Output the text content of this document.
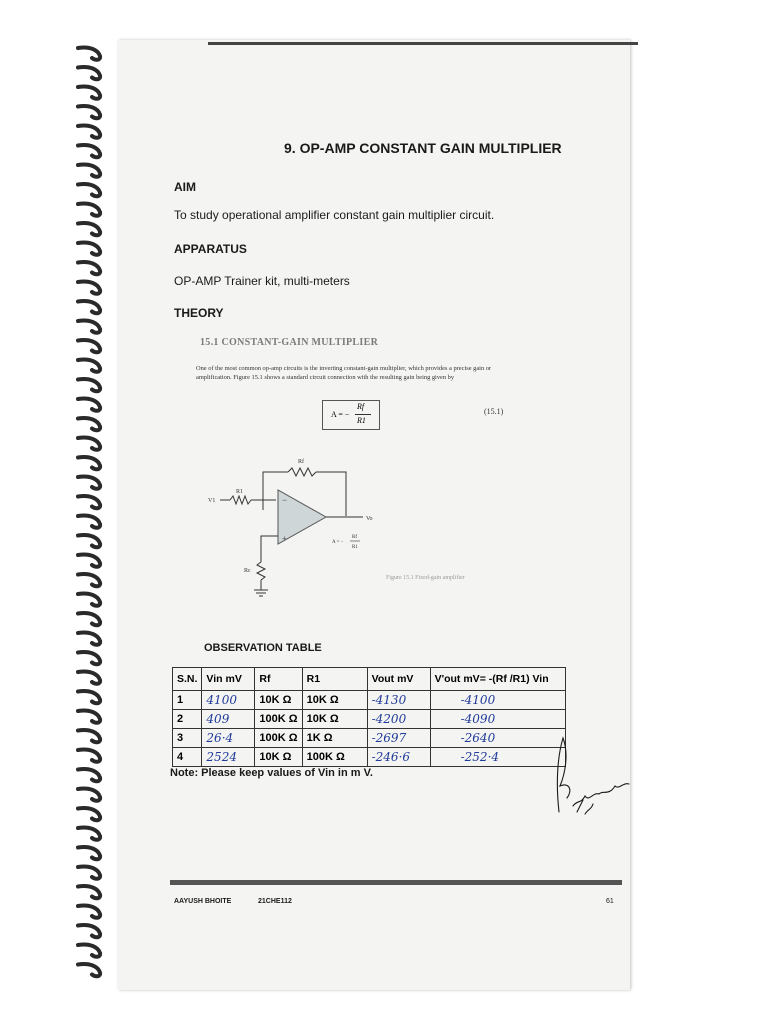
9. OP-AMP CONSTANT GAIN MULTIPLIER
AIM
To study operational amplifier constant gain multiplier circuit.
APPARATUS
OP-AMP Trainer kit, multi-meters
THEORY
15.1 CONSTANT-GAIN MULTIPLIER
One of the most common op-amp circuits is the inverting constant-gain multiplier, which provides a precise gain or amplification. Figure 15.1 shows a standard circuit connection with the resulting gain being given by
A = −
Rf
R1
(15.1)
Rf
R1
V1
Vo
Rc
−
+	A = −
Rf
R1
Figure 15.1 Fixed-gain amplifier
OBSERVATION TABLE
S.N.	Vin mV	Rf	R1	Vout mV	V'out mV= -(Rf /R1) Vin
1	4100	10K Ω	10K Ω	-4130	-4100
2	409	100K Ω	10K Ω	-4200	-4090
3	26·4	100K Ω	1K Ω	-2697	-2640
4	2524	10K Ω	100K Ω	-246·6	-252·4
Note: Please keep values of Vin in m V.
AAYUSH BHOITE	21CHE112	61
